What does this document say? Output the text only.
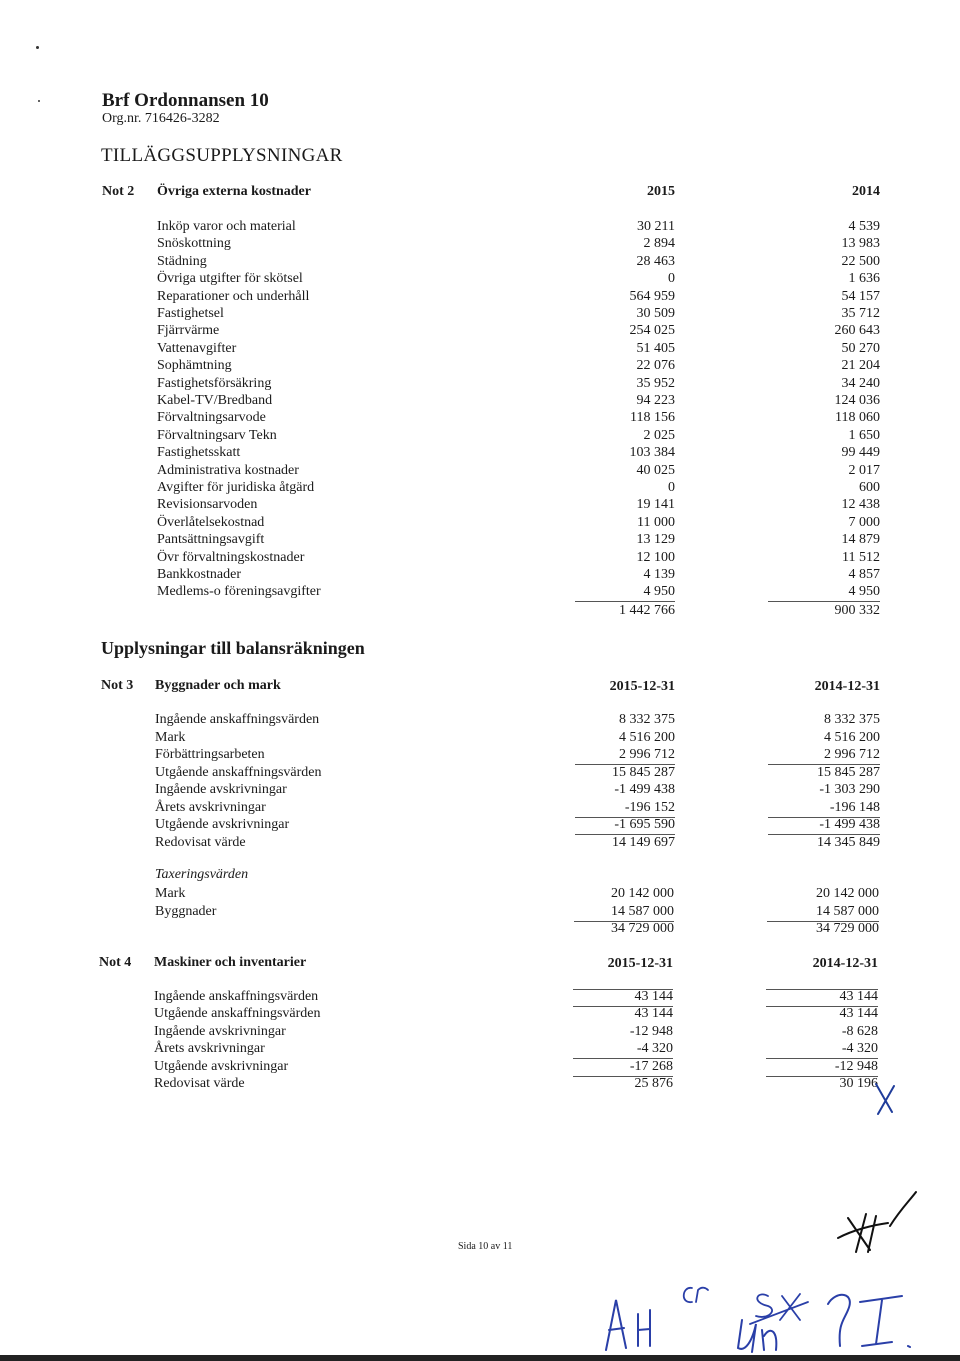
Brf Ordonnansen 10
Org.nr. 716426-3282
TILLÄGGSUPPLYSNINGAR
Not 2 Övriga externa kostnader	2015	2014
Inköp varor och material	30 211	4 539
Snöskottning	2 894	13 983
Städning	28 463	22 500
Övriga utgifter för skötsel	0	1 636
Reparationer och underhåll	564 959	54 157
Fastighetsel	30 509	35 712
Fjärrvärme	254 025	260 643
Vattenavgifter	51 405	50 270
Sophämtning	22 076	21 204
Fastighetsförsäkring	35 952	34 240
Kabel-TV/Bredband	94 223	124 036
Förvaltningsarvode	118 156	118 060
Förvaltningsarv Tekn	2 025	1 650
Fastighetsskatt	103 384	99 449
Administrativa kostnader	40 025	2 017
Avgifter för juridiska åtgärd	0	600
Revisionsarvoden	19 141	12 438
Överlåtelsekostnad	11 000	7 000
Pantsättningsavgift	13 129	14 879
Övr förvaltningskostnader	12 100	11 512
Bankkostnader	4 139	4 857
Medlems-o föreningsavgifter	4 950	4 950
1 442 766	900 332
Upplysningar till balansräkningen
Not 3 Byggnader och mark	2015-12-31	2014-12-31
Ingående anskaffningsvärden	8 332 375	8 332 375
Mark	4 516 200	4 516 200
Förbättringsarbeten	2 996 712	2 996 712
Utgående anskaffningsvärden	15 845 287	15 845 287
Ingående avskrivningar	-1 499 438	-1 303 290
Årets avskrivningar	-196 152	-196 148
Utgående avskrivningar	-1 695 590	-1 499 438
Redovisat värde	14 149 697	14 345 849
Taxeringsvärden
Mark	20 142 000	20 142 000
Byggnader	14 587 000	14 587 000
34 729 000	34 729 000
Not 4 Maskiner och inventarier	2015-12-31	2014-12-31
Ingående anskaffningsvärden	43 144	43 144
Utgående anskaffningsvärden	43 144	43 144
Ingående avskrivningar	-12 948	-8 628
Årets avskrivningar	-4 320	-4 320
Utgående avskrivningar	-17 268	-12 948
Redovisat värde	25 876	30 196
Sida 10 av 11
